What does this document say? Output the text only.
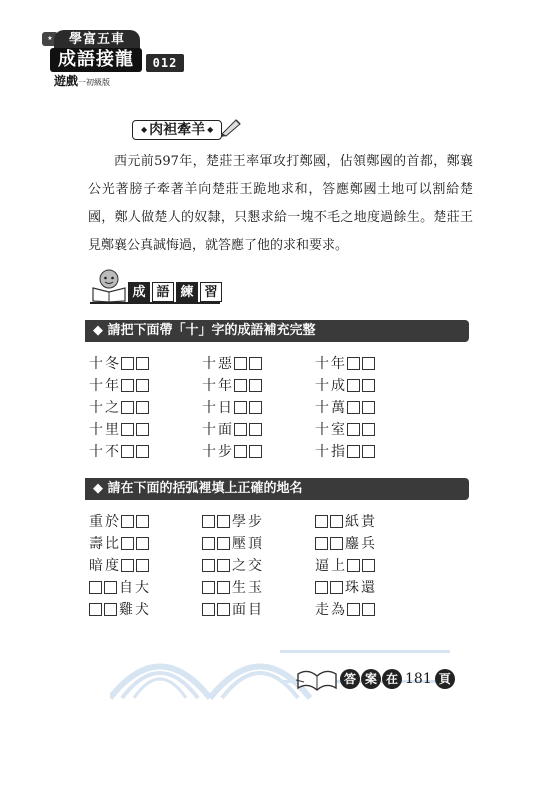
★	學富五車
成語接龍
遊戲一初級版
012
◆ 肉袒牽羊 ◆

西元前597年，楚莊王率軍攻打鄭國，佔領鄭國的首都，鄭襄公光著膀子牽著羊向楚莊王跪地求和，答應鄭國土地可以割給楚國，鄭人做楚人的奴隸，只懇求給一塊不毛之地度過餘生。楚莊王見鄭襄公真誠悔過，就答應了他的求和要求。

成 語 練 習
◆ 請把下面帶「十」字的成語補充完整
十 冬	十 惡	十 年
十 年	十 年	十 成
十 之	十 日	十 萬
十 里	十 面	十 室
十 不	十 步	十 指
◆ 請在下面的括弧裡填上正確的地名
重 於	學 步	紙 貴
壽 比	壓 頂	鏖 兵
暗 度	之 交	逼 上
自 大	生 玉	珠 還
雞 犬	面 目	走 為
答 案 在 181 頁
